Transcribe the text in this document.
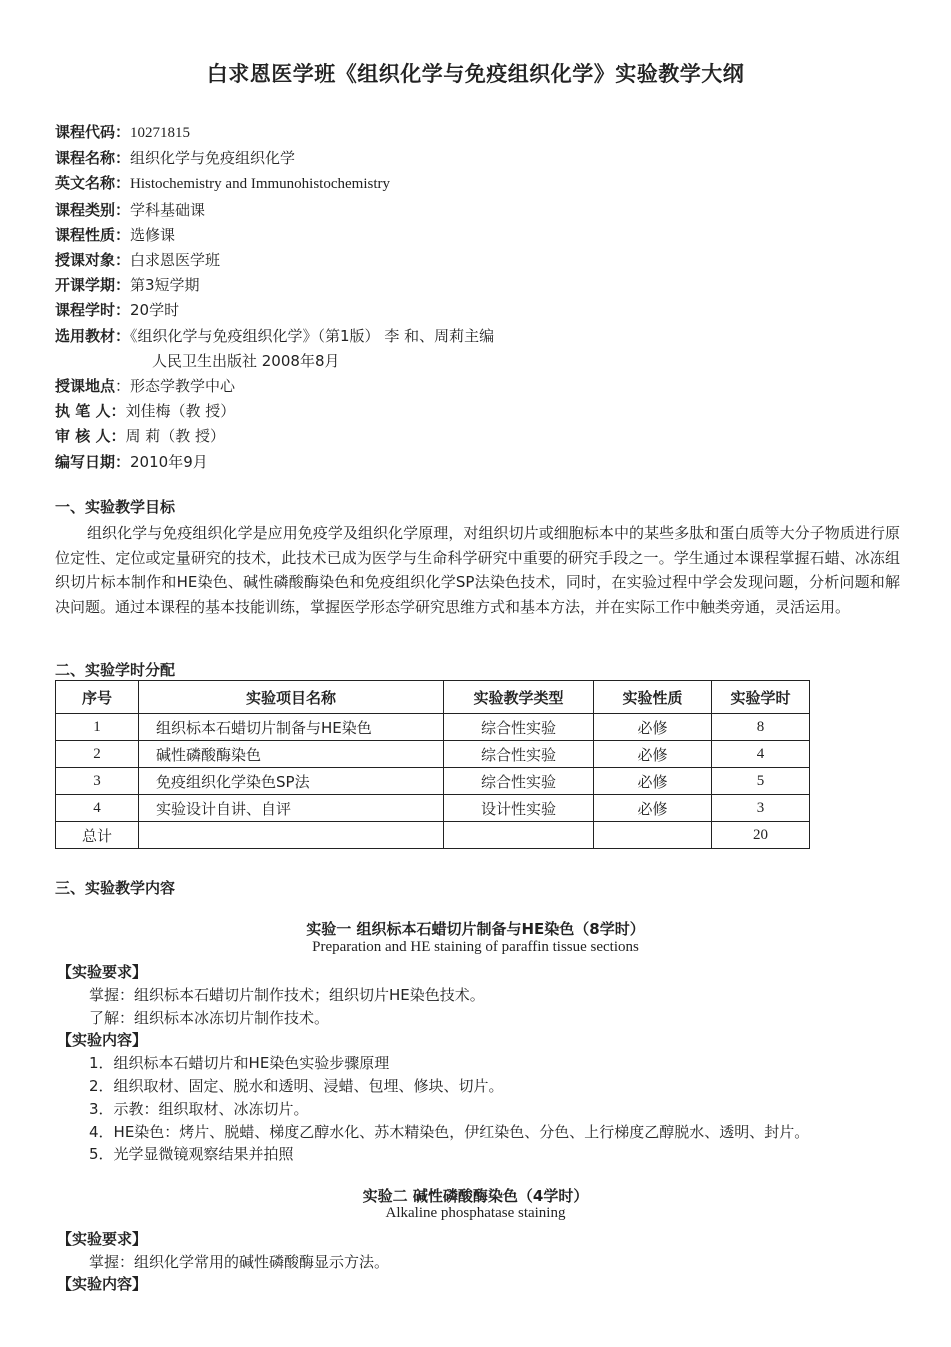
白求恩医学班《组织化学与免疫组织化学》实验教学大纲
课程代码：10271815
课程名称：组织化学与免疫组织化学
英文名称：Histochemistry and Immunohistochemistry
课程类别：学科基础课
课程性质：选修课
授课对象：白求恩医学班
开课学期：第3短学期
课程学时：20学时
选用教材：《组织化学与免疫组织化学》（第1版） 李 和、周莉主编
人民卫生出版社 2008年8月
授课地点：形态学教学中心
执 笔 人：刘佳梅（教 授）
审 核 人：周 莉（教 授）
编写日期：2010年9月
一、实验教学目标
组织化学与免疫组织化学是应用免疫学及组织化学原理，对组织切片或细胞标本中的某些多肽和蛋白质等大分子物质进行原位定性、定位或定量研究的技术，此技术已成为医学与生命科学研究中重要的研究手段之一。学生通过本课程掌握石蜡、冰冻组织切片标本制作和HE染色、碱性磷酸酶染色和免疫组织化学SP法染色技术，同时，在实验过程中学会发现问题，分析问题和解决问题。通过本课程的基本技能训练，掌握医学形态学研究思维方式和基本方法，并在实际工作中触类旁通，灵活运用。
二、实验学时分配
序号	实验项目名称	实验教学类型	实验性质	实验学时
1	组织标本石蜡切片制备与HE染色	综合性实验	必修	8
2	碱性磷酸酶染色	综合性实验	必修	4
3	免疫组织化学染色SP法	综合性实验	必修	5
4	实验设计自讲、自评	设计性实验	必修	3
总计				20
三、实验教学内容
实验一 组织标本石蜡切片制备与HE染色（8学时）
Preparation and HE staining of paraffin tissue sections
【实验要求】
掌握：组织标本石蜡切片制作技术；组织切片HE染色技术。
了解：组织标本冰冻切片制作技术。
【实验内容】
1．组织标本石蜡切片和HE染色实验步骤原理
2．组织取材、固定、脱水和透明、浸蜡、包埋、修块、切片。
3．示教：组织取材、冰冻切片。
4．HE染色：烤片、脱蜡、梯度乙醇水化、苏木精染色，伊红染色、分色、上行梯度乙醇脱水、透明、封片。
5．光学显微镜观察结果并拍照
实验二 碱性磷酸酶染色（4学时）
Alkaline phosphatase staining
【实验要求】
掌握：组织化学常用的碱性磷酸酶显示方法。
【实验内容】
